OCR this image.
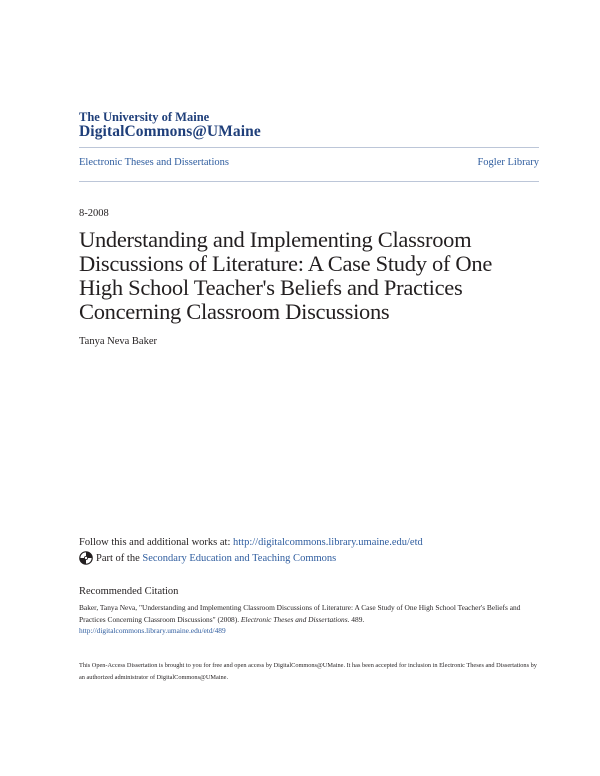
The University of Maine
DigitalCommons@UMaine
Electronic Theses and Dissertations	Fogler Library
8-2008
Understanding and Implementing Classroom
Discussions of Literature: A Case Study of One
High School Teacher's Beliefs and Practices
Concerning Classroom Discussions
Tanya Neva Baker
Follow this and additional works at: http://digitalcommons.library.umaine.edu/etd
Part of the
Secondary Education and Teaching Commons
Recommended Citation
Baker, Tanya Neva, "Understanding and Implementing Classroom Discussions of Literature: A Case Study of One High School Teacher's Beliefs and Practices Concerning Classroom Discussions" (2008). Electronic Theses and Dissertations. 489.
http://digitalcommons.library.umaine.edu/etd/489
This Open-Access Dissertation is brought to you for free and open access by DigitalCommons@UMaine. It has been accepted for inclusion in Electronic Theses and Dissertations by an authorized administrator of DigitalCommons@UMaine.
